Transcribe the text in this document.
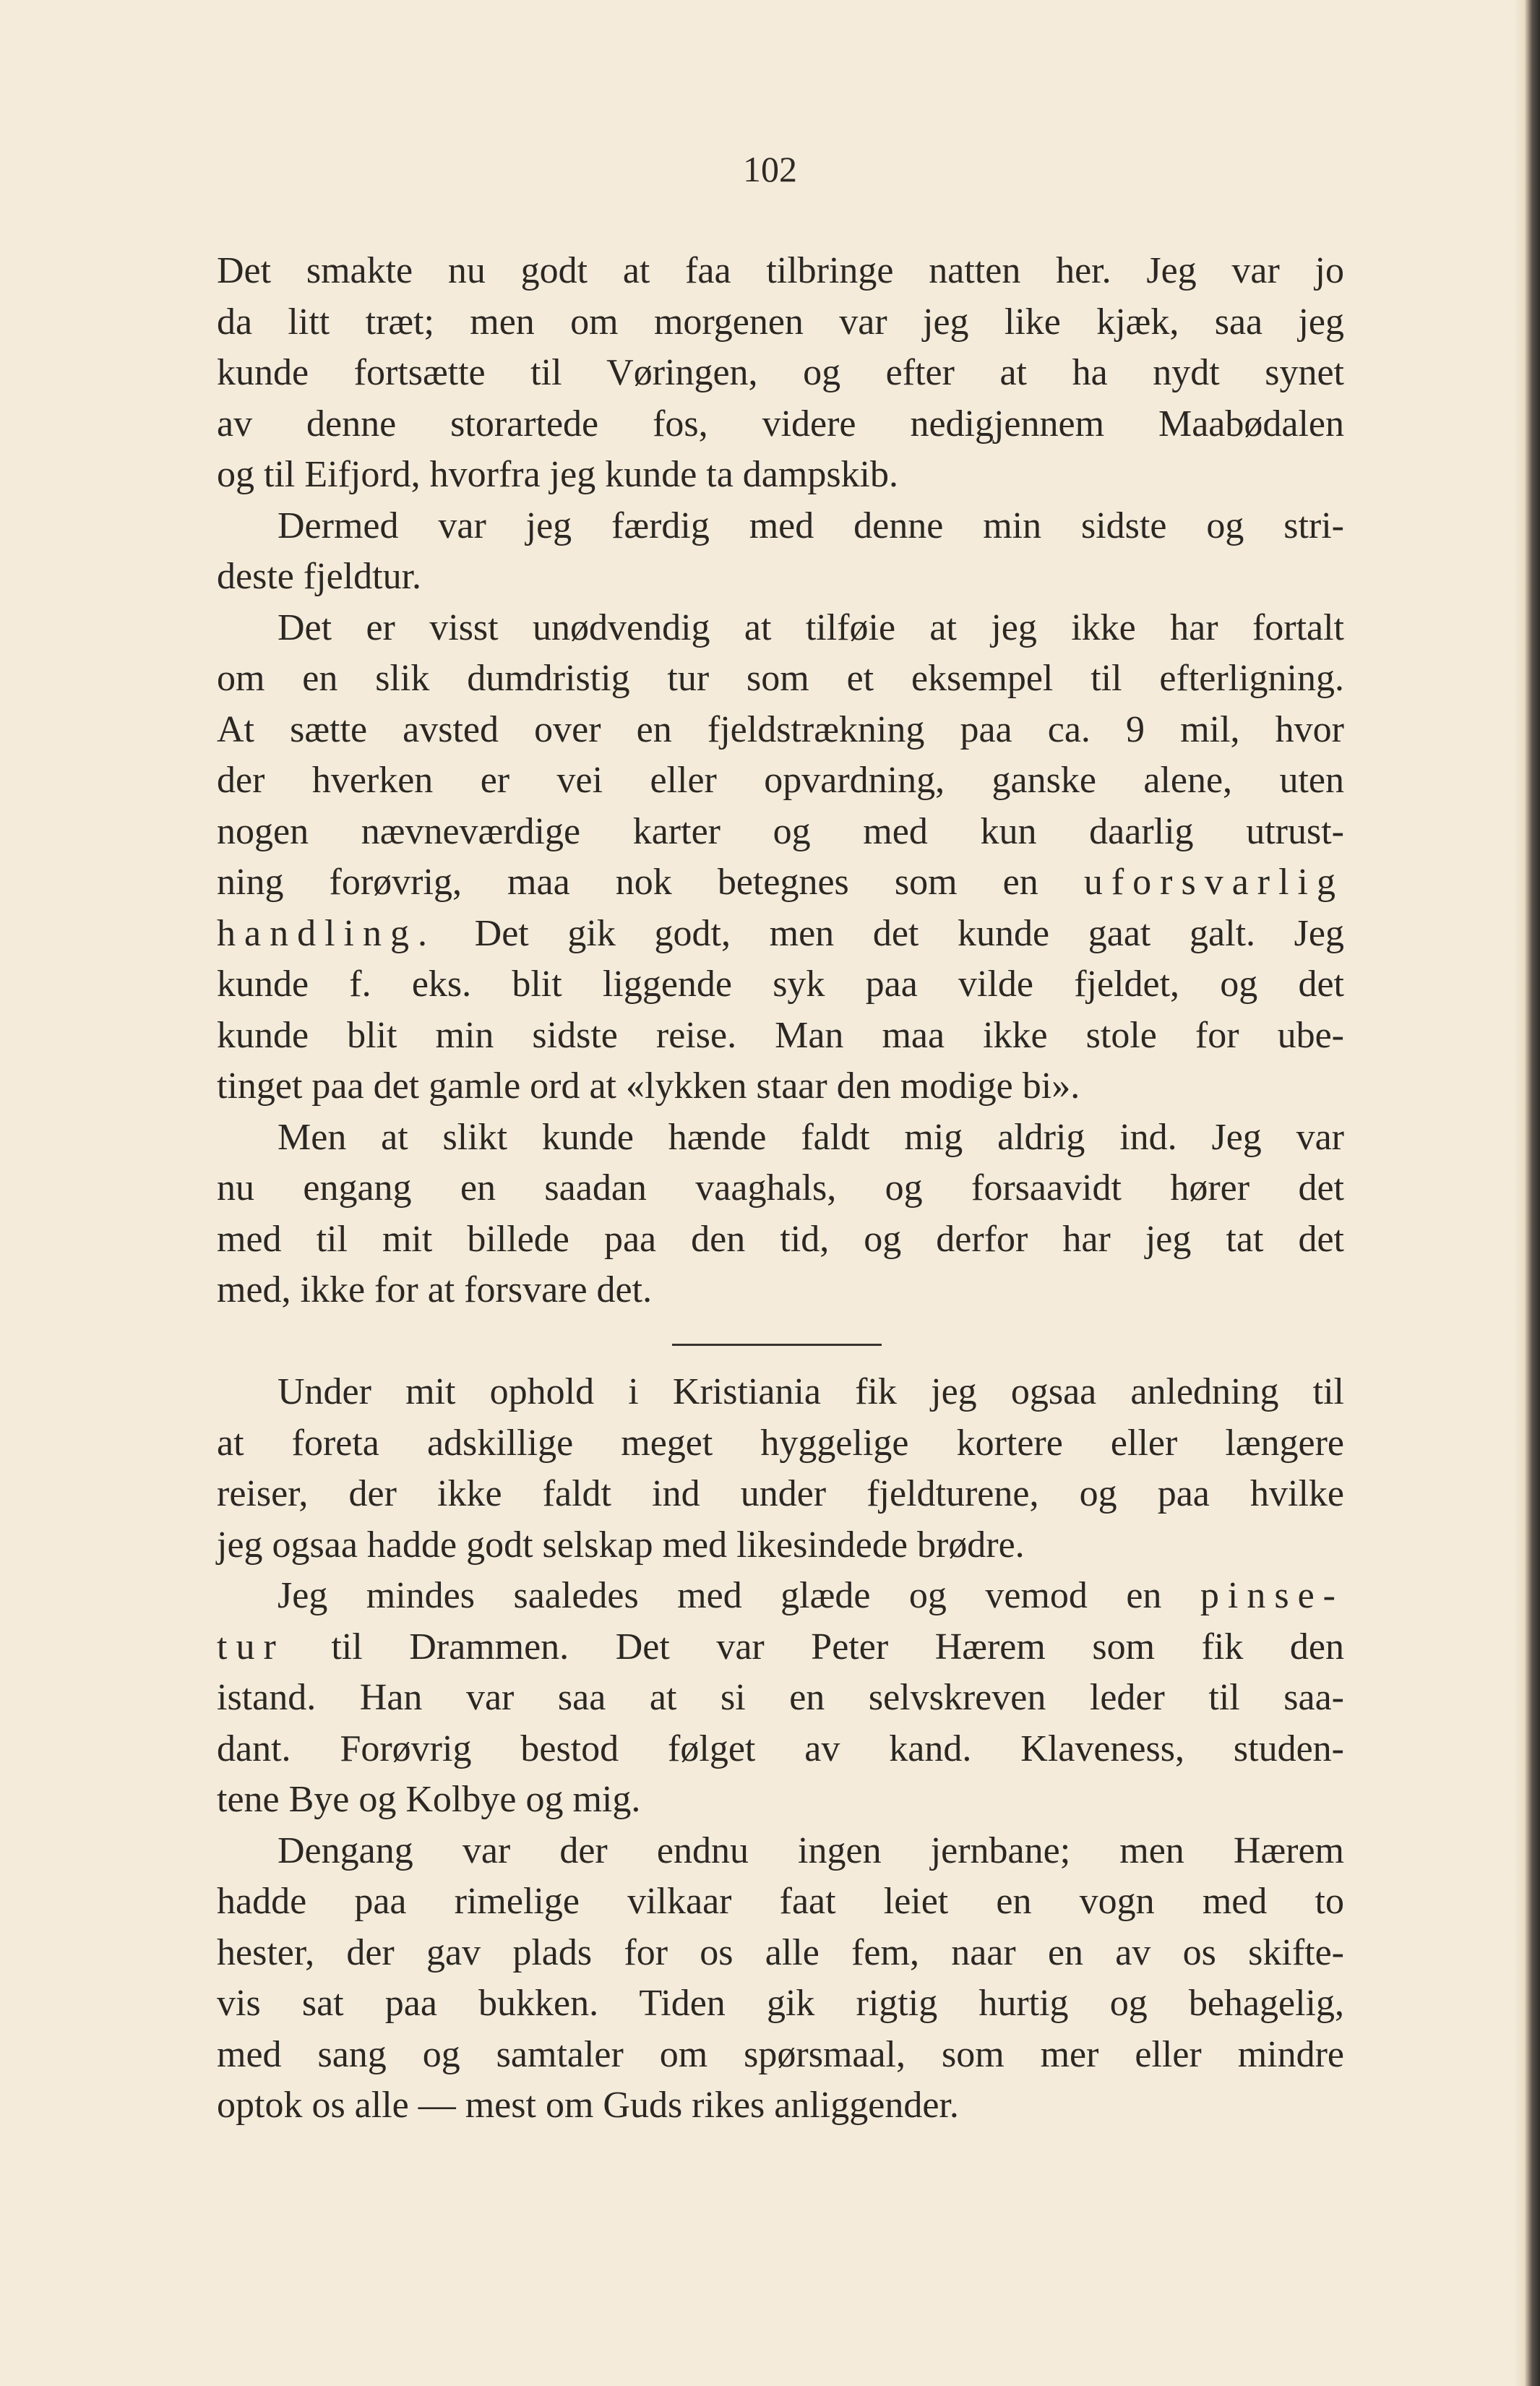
102
Det smakte nu godt at faa tilbringe natten her. Jeg var jo
da litt træt; men om morgenen var jeg like kjæk, saa jeg
kunde fortsætte til Vøringen, og efter at ha nydt synet
av denne storartede fos, videre nedigjennem Maabødalen
og til Eifjord, hvorfra jeg kunde ta dampskib.
Dermed var jeg færdig med denne min sidste og stri-
deste fjeldtur.
Det er visst unødvendig at tilføie at jeg ikke har fortalt
om en slik dumdristig tur som et eksempel til efterligning.
At sætte avsted over en fjeldstrækning paa ca. 9 mil, hvor
der hverken er vei eller opvardning, ganske alene, uten
nogen nævneværdige karter og med kun daarlig utrust-
ning forøvrig, maa nok betegnes som en uforsvarlig
handling. Det gik godt, men det kunde gaat galt. Jeg
kunde f. eks. blit liggende syk paa vilde fjeldet, og det
kunde blit min sidste reise. Man maa ikke stole for ube-
tinget paa det gamle ord at «lykken staar den modige bi».
Men at slikt kunde hænde faldt mig aldrig ind. Jeg var
nu engang en saadan vaaghals, og forsaavidt hører det
med til mit billede paa den tid, og derfor har jeg tat det
med, ikke for at forsvare det.
Under mit ophold i Kristiania fik jeg ogsaa anledning til
at foreta adskillige meget hyggelige kortere eller længere
reiser, der ikke faldt ind under fjeldturene, og paa hvilke
jeg ogsaa hadde godt selskap med likesindede brødre.
Jeg mindes saaledes med glæde og vemod en pinse-
tur til Drammen. Det var Peter Hærem som fik den
istand. Han var saa at si en selvskreven leder til saa-
dant. Forøvrig bestod følget av kand. Klaveness, studen-
tene Bye og Kolbye og mig.
Dengang var der endnu ingen jernbane; men Hærem
hadde paa rimelige vilkaar faat leiet en vogn med to
hester, der gav plads for os alle fem, naar en av os skifte-
vis sat paa bukken. Tiden gik rigtig hurtig og behagelig,
med sang og samtaler om spørsmaal, som mer eller mindre
optok os alle — mest om Guds rikes anliggender.
